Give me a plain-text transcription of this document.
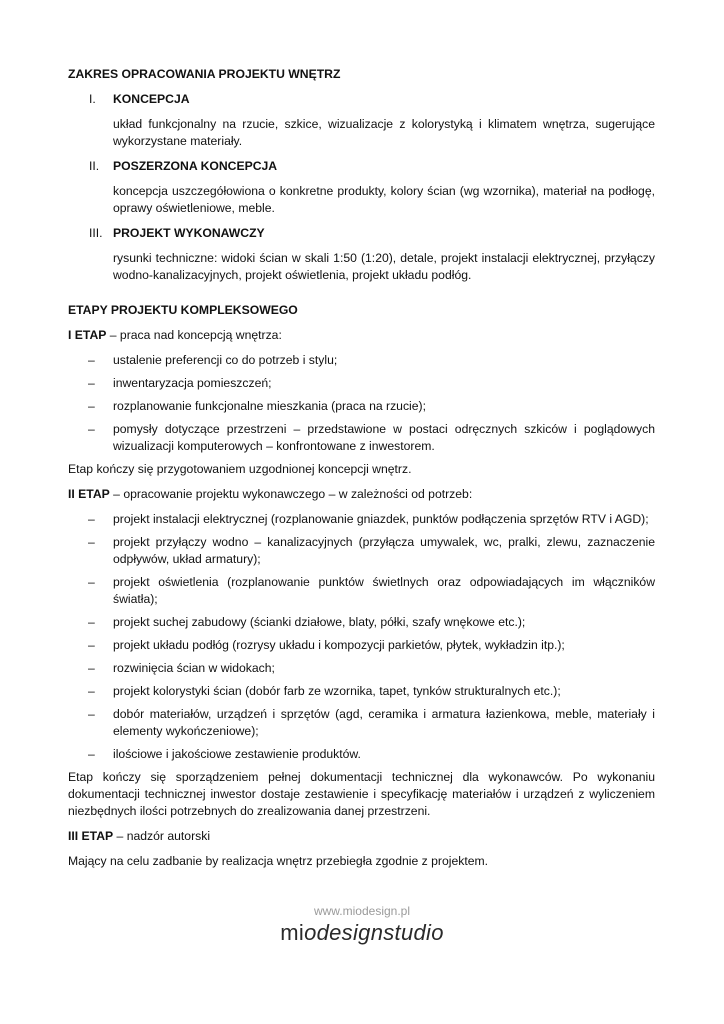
ZAKRES OPRACOWANIA PROJEKTU WNĘTRZ
I.	KONCEPCJA
układ funkcjonalny na rzucie, szkice, wizualizacje z kolorystyką i klimatem wnętrza, sugerujące wykorzystane materiały.
II.	POSZERZONA KONCEPCJA
koncepcja uszczegółowiona o konkretne produkty, kolory ścian (wg wzornika), materiał na podłogę, oprawy oświetleniowe, meble.
III. PROJEKT WYKONAWCZY
rysunki techniczne: widoki ścian w skali 1:50 (1:20), detale, projekt instalacji elektrycznej, przyłączy wodno-kanalizacyjnych, projekt oświetlenia, projekt układu podłóg.
ETAPY PROJEKTU KOMPLEKSOWEGO
I ETAP – praca nad koncepcją wnętrza:
–	ustalenie preferencji co do potrzeb i stylu;
–	inwentaryzacja pomieszczeń;
–	rozplanowanie funkcjonalne mieszkania (praca na rzucie);
–	pomysły dotyczące przestrzeni – przedstawione w postaci odręcznych szkiców i poglądowych wizualizacji komputerowych – konfrontowane z inwestorem.
Etap kończy się przygotowaniem uzgodnionej koncepcji wnętrz.
II ETAP – opracowanie projektu wykonawczego – w zależności od potrzeb:
–	projekt instalacji elektrycznej (rozplanowanie gniazdek, punktów podłączenia sprzętów RTV i AGD);
–	projekt przyłączy wodno – kanalizacyjnych (przyłącza umywalek, wc, pralki, zlewu, zaznaczenie odpływów, układ armatury);
–	projekt oświetlenia (rozplanowanie punktów świetlnych oraz odpowiadających im włączników światła);
–	projekt suchej zabudowy (ścianki działowe, blaty, półki, szafy wnękowe etc.);
–	projekt układu podłóg (rozrysy układu i kompozycji parkietów, płytek, wykładzin itp.);
–	rozwinięcia ścian w widokach;
–	projekt kolorystyki ścian (dobór farb ze wzornika, tapet, tynków strukturalnych etc.);
–	dobór materiałów, urządzeń i sprzętów (agd, ceramika i armatura łazienkowa, meble, materiały i elementy wykończeniowe);
–	ilościowe i jakościowe zestawienie produktów.
Etap kończy się sporządzeniem pełnej dokumentacji technicznej dla wykonawców. Po wykonaniu dokumentacji technicznej inwestor dostaje zestawienie i specyfikację materiałów i urządzeń z wyliczeniem niezbędnych ilości potrzebnych do zrealizowania danej przestrzeni.
III ETAP – nadzór autorski
Mający na celu zadbanie by realizacja wnętrz przebiegła zgodnie z projektem.
www.miodesign.pl
miodesignstudio
